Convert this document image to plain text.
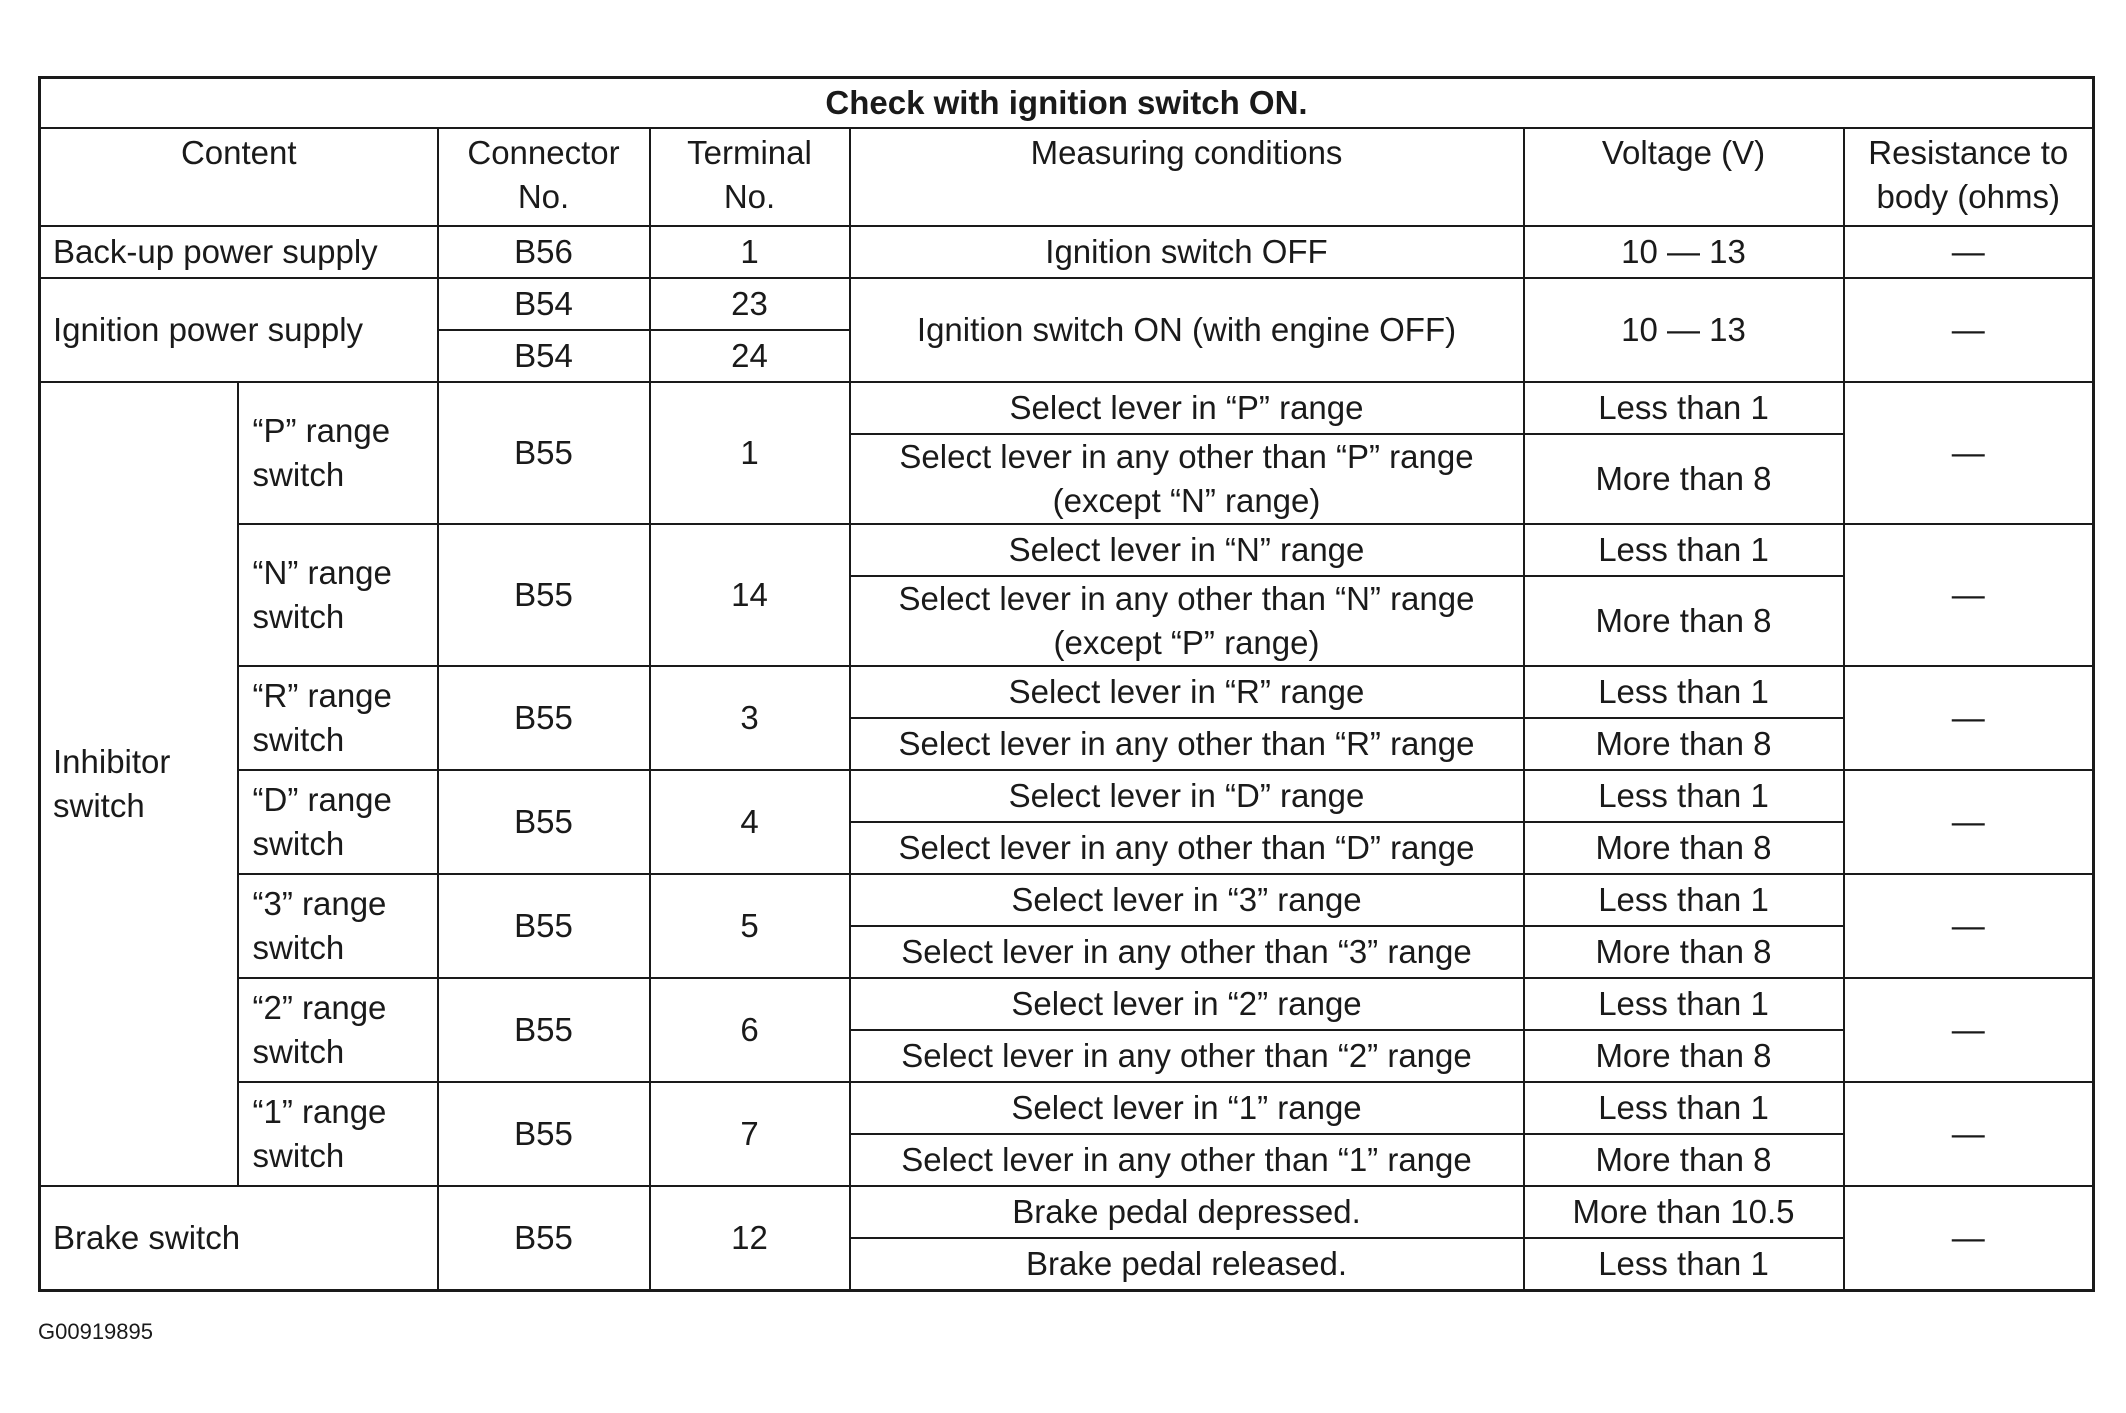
Check with ignition switch ON.						
Content		Connector No.	Terminal No.	Measuring conditions	Voltage (V)	Resistance to body (ohms)
Back-up power supply		B56	1	Ignition switch OFF	10 — 13	—
Ignition power supply		B54	23	Ignition switch ON (with engine OFF)	10 — 13	—
		B54	24			
Inhibitor switch	“P” range switch	B55	1	Select lever in “P” range	Less than 1	—
				Select lever in any other than “P” range (except “N” range)	More than 8	
	“N” range switch	B55	14	Select lever in “N” range	Less than 1	—
				Select lever in any other than “N” range (except “P” range)	More than 8	
	“R” range switch	B55	3	Select lever in “R” range	Less than 1	—
				Select lever in any other than “R” range	More than 8	
	“D” range switch	B55	4	Select lever in “D” range	Less than 1	—
				Select lever in any other than “D” range	More than 8	
	“3” range switch	B55	5	Select lever in “3” range	Less than 1	—
				Select lever in any other than “3” range	More than 8	
	“2” range switch	B55	6	Select lever in “2” range	Less than 1	—
				Select lever in any other than “2” range	More than 8	
	“1” range switch	B55	7	Select lever in “1” range	Less than 1	—
				Select lever in any other than “1” range	More than 8	
Brake switch		B55	12	Brake pedal depressed.	More than 10.5	—
				Brake pedal released.	Less than 1	
G00919895
